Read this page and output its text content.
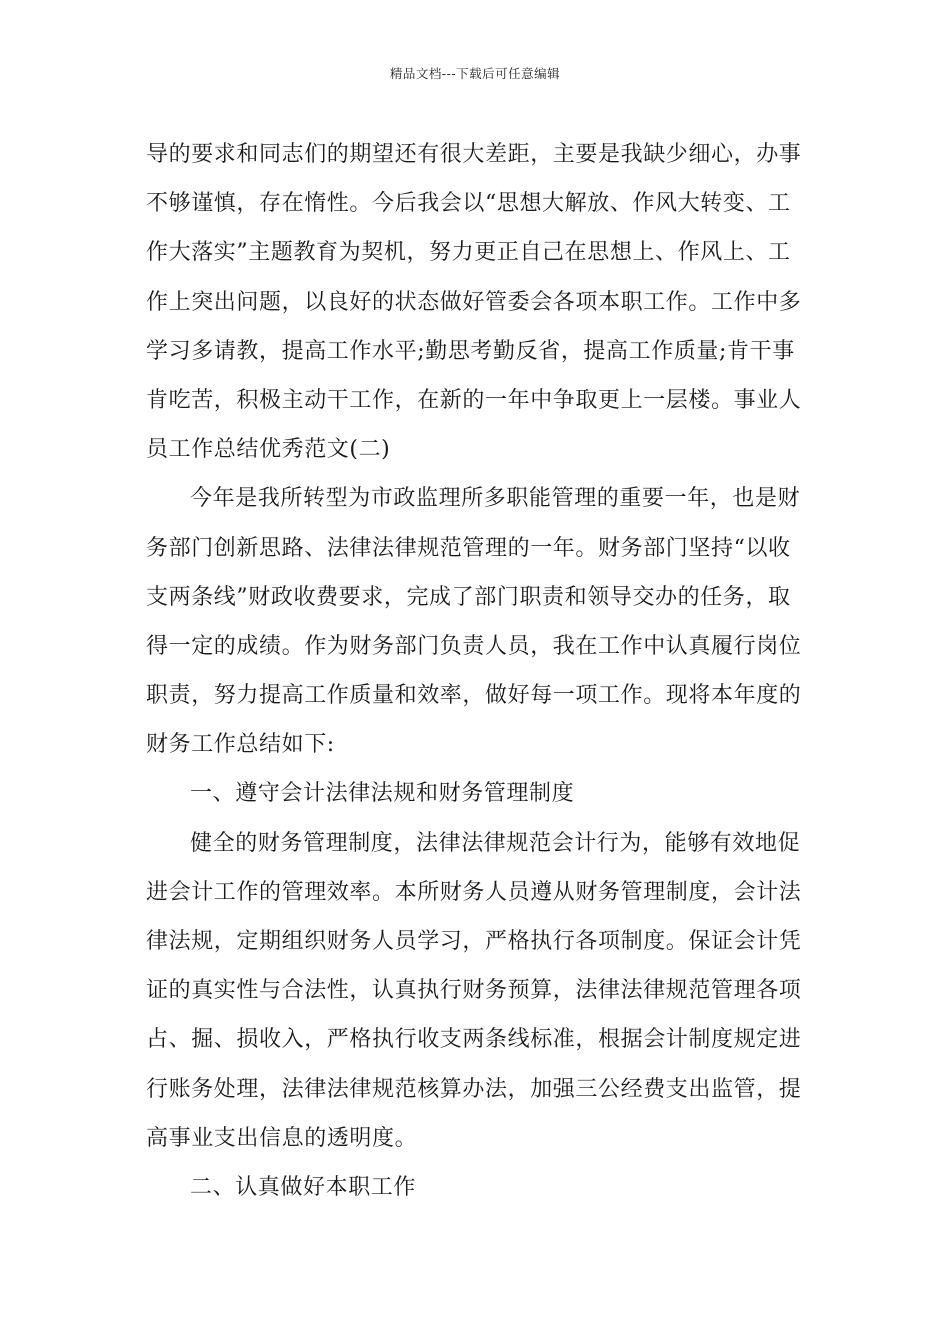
精品文档---下载后可任意编辑
导的要求和同志们的期望还有很大差距，主要是我缺少细心，办事
不够谨慎，存在惰性。今后我会以“思想大解放、作风大转变、工
作大落实”主题教育为契机，努力更正自己在思想上、作风上、工
作上突出问题，以良好的状态做好管委会各项本职工作。工作中多
学习多请教，提高工作水平;勤思考勤反省，提高工作质量;肯干事
肯吃苦，积极主动干工作，在新的一年中争取更上一层楼。事业人
员工作总结优秀范文(二)
今年是我所转型为市政监理所多职能管理的重要一年，也是财
务部门创新思路、法律法律规范管理的一年。财务部门坚持“以收
支两条线”财政收费要求，完成了部门职责和领导交办的任务，取
得一定的成绩。作为财务部门负责人员，我在工作中认真履行岗位
职责，努力提高工作质量和效率，做好每一项工作。现将本年度的
财务工作总结如下:
一、遵守会计法律法规和财务管理制度
健全的财务管理制度，法律法律规范会计行为，能够有效地促
进会计工作的管理效率。本所财务人员遵从财务管理制度，会计法
律法规，定期组织财务人员学习，严格执行各项制度。保证会计凭
证的真实性与合法性，认真执行财务预算，法律法律规范管理各项
占、掘、损收入，严格执行收支两条线标准，根据会计制度规定进
行账务处理，法律法律规范核算办法，加强三公经费支出监管，提
高事业支出信息的透明度。
二、认真做好本职工作
